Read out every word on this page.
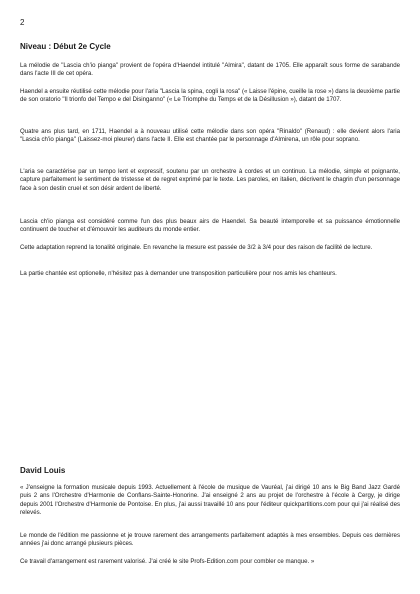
2
Niveau : Début 2e Cycle

La mélodie de "Lascia ch'io pianga" provient de l'opéra d'Haendel intitulé "Almira", datant de 1705. Elle apparaît sous forme de sarabande dans l'acte III de cet opéra.

Haendel a ensuite réutilisé cette mélodie pour l'aria "Lascia la spina, cogli la rosa" (« Laisse l'épine, cueille la rose ») dans la deuxième partie de son oratorio "Il trionfo del Tempo e del Disinganno" (« Le Triomphe du Temps et de la Désillusion »), datant de 1707.

Quatre ans plus tard, en 1711, Haendel a à nouveau utilisé cette mélodie dans son opéra "Rinaldo" (Renaud) : elle devient alors l'aria "Lascia ch'io pianga" (Laissez-moi pleurer) dans l'acte II. Elle est chantée par le personnage d'Almirena, un rôle pour soprano.

L'aria se caractérise par un tempo lent et expressif, soutenu par un orchestre à cordes et un continuo. La mélodie, simple et poignante, capture parfaitement le sentiment de tristesse et de regret exprimé par le texte. Les paroles, en italien, décrivent le chagrin d'un personnage face à son destin cruel et son désir ardent de liberté.

Lascia ch'io pianga est considéré comme l'un des plus beaux airs de Haendel. Sa beauté intemporelle et sa puissance émotionnelle continuent de toucher et d'émouvoir les auditeurs du monde entier.

Cette adaptation reprend la tonalité originale. En revanche la mesure est passée de 3/2 à 3/4 pour des raison de facilité de lecture.

La partie chantée est optionelle, n'hésitez pas à demander une transposition particulière pour nos amis les chanteurs.

David Louis

« J'enseigne la formation musicale depuis 1993. Actuellement à l'école de musique de Vauréal, j'ai dirigé 10 ans le Big Band Jazz Gardé puis 2 ans l'Orchestre d'Harmonie de Conflans-Sainte-Honorine. J'ai enseigné 2 ans au projet de l'orchestre à l'école à Cergy, je dirige depuis 2001 l'Orchestre d'Harmonie de Pontoise. En plus, j'ai aussi travaillé 10 ans pour l'éditeur quickpartitions.com pour qui j'ai réalisé des relevés.

Le monde de l'édition me passionne et je trouve rarement des arrangements parfaitement adaptés à mes ensembles. Depuis ces dernières années j'ai donc arrangé plusieurs pièces.

Ce travail d'arrangement est rarement valorisé. J'ai créé le site Profs-Edition.com pour combler ce manque. »
